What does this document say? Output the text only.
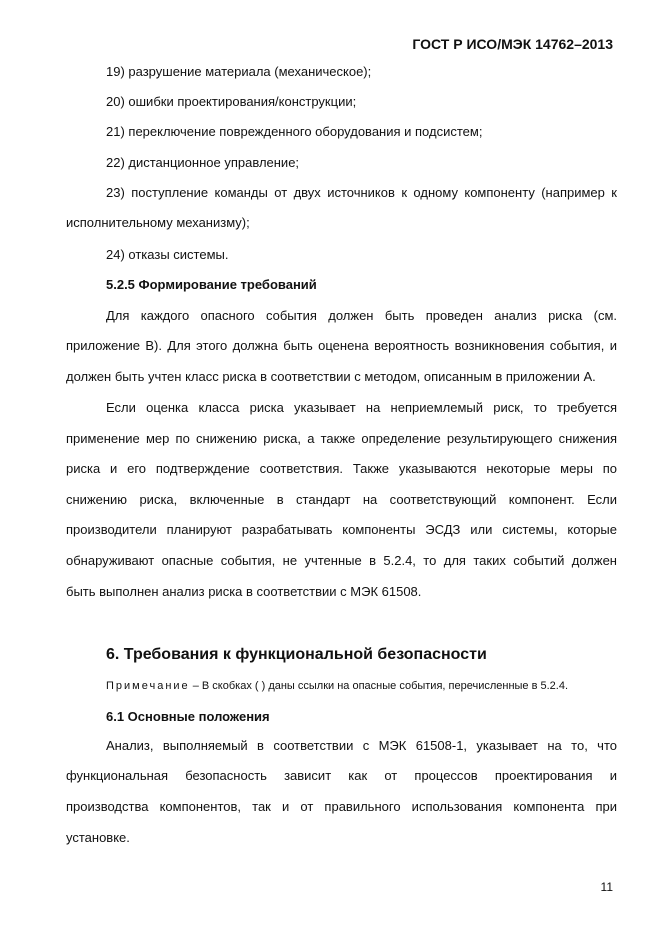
ГОСТ Р ИСО/МЭК 14762–2013
19) разрушение материала (механическое);
20) ошибки проектирования/конструкции;
21) переключение поврежденного оборудования и подсистем;
22) дистанционное управление;
23) поступление команды от двух источников к одному компоненту (например к
исполнительному механизму);
24) отказы системы.
5.2.5 Формирование требований
Для каждого опасного события должен быть проведен анализ риска (см.
приложение В). Для этого должна быть оценена вероятность возникновения события, и
должен быть учтен класс риска в соответствии с методом, описанным в приложении А.
Если оценка класса риска указывает на неприемлемый риск, то требуется
применение мер по снижению риска, а также определение результирующего снижения
риска и его подтверждение соответствия. Также указываются некоторые меры по
снижению риска, включенные в стандарт на соответствующий компонент. Если
производители планируют разрабатывать компоненты ЭСДЗ или системы, которые
обнаруживают опасные события, не учтенные в 5.2.4, то для таких событий должен
быть выполнен анализ риска в соответствии с МЭК 61508.
6. Требования к функциональной безопасности
Примечание – В скобках ( ) даны ссылки на опасные события, перечисленные в 5.2.4.
6.1 Основные положения
Анализ, выполняемый в соответствии с МЭК 61508-1, указывает на то, что
функциональная безопасность зависит как от процессов проектирования и
производства компонентов, так и от правильного использования компонента при
установке.
11
